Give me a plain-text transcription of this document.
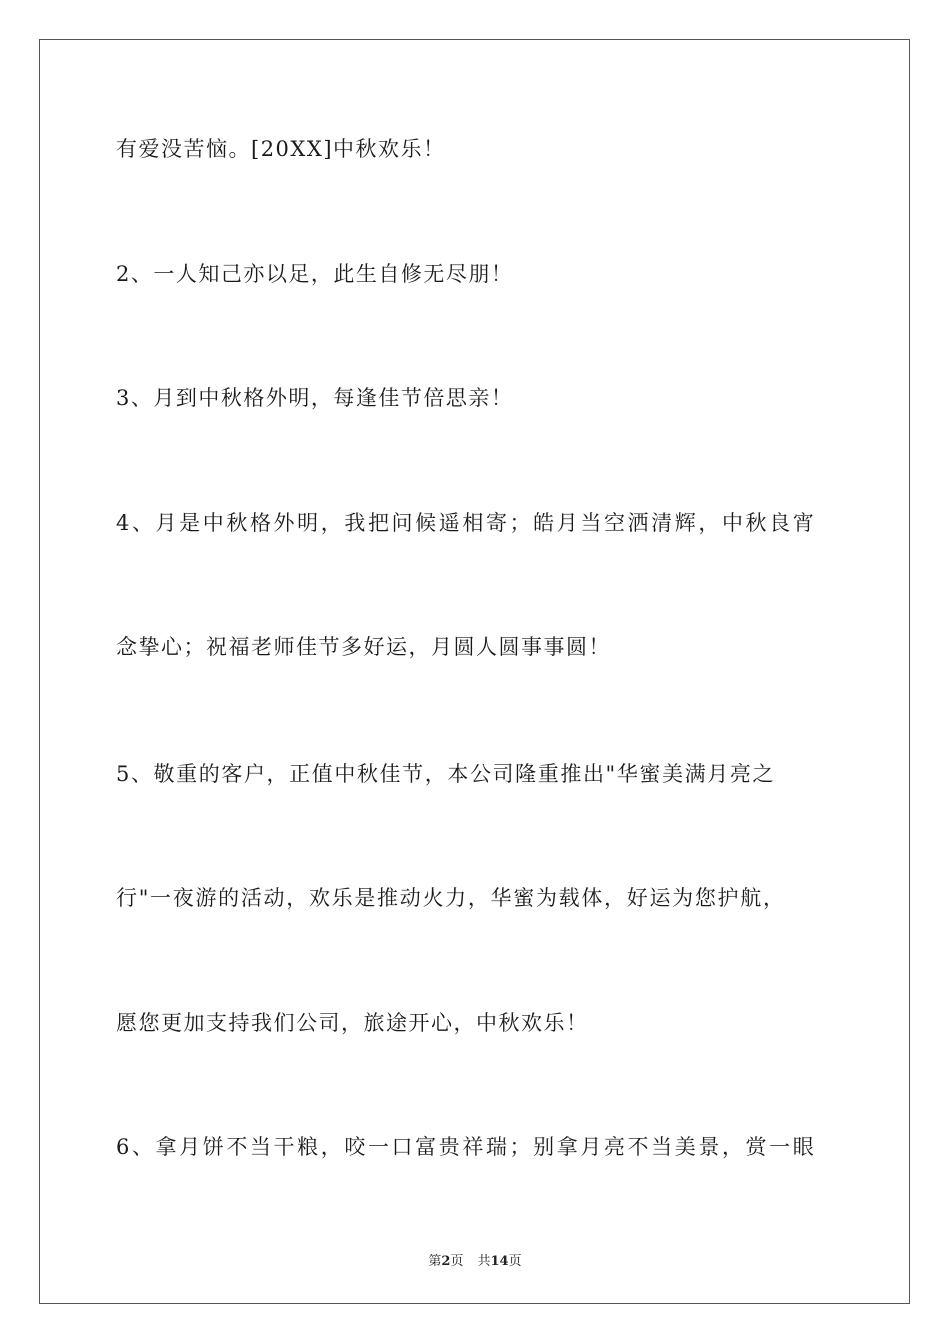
有爱没苦恼。[20XX]中秋欢乐！
2、一人知己亦以足，此生自修无尽朋！
3、月到中秋格外明，每逢佳节倍思亲！
4、月是中秋格外明，我把问候遥相寄；皓月当空洒清辉，中秋良宵
念挚心；祝福老师佳节多好运，月圆人圆事事圆！
5、敬重的客户，正值中秋佳节，本公司隆重推出"华蜜美满月亮之
行"一夜游的活动，欢乐是推动火力，华蜜为载体，好运为您护航，
愿您更加支持我们公司，旅途开心，中秋欢乐！
6、拿月饼不当干粮，咬一口富贵祥瑞；别拿月亮不当美景，赏一眼
第2页 共14页
